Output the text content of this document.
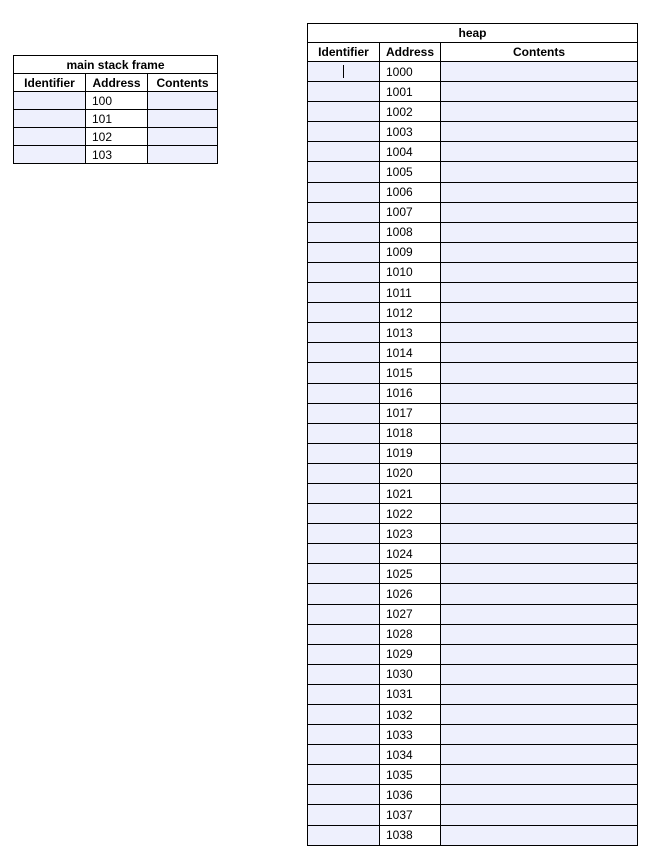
main stack frame		
Identifier	Address	Contents
	100	
	101	
	102	
	103	
heap		
Identifier	Address	Contents
	1000	
	1001	
	1002	
	1003	
	1004	
	1005	
	1006	
	1007	
	1008	
	1009	
	1010	
	1011	
	1012	
	1013	
	1014	
	1015	
	1016	
	1017	
	1018	
	1019	
	1020	
	1021	
	1022	
	1023	
	1024	
	1025	
	1026	
	1027	
	1028	
	1029	
	1030	
	1031	
	1032	
	1033	
	1034	
	1035	
	1036	
	1037	
	1038	
